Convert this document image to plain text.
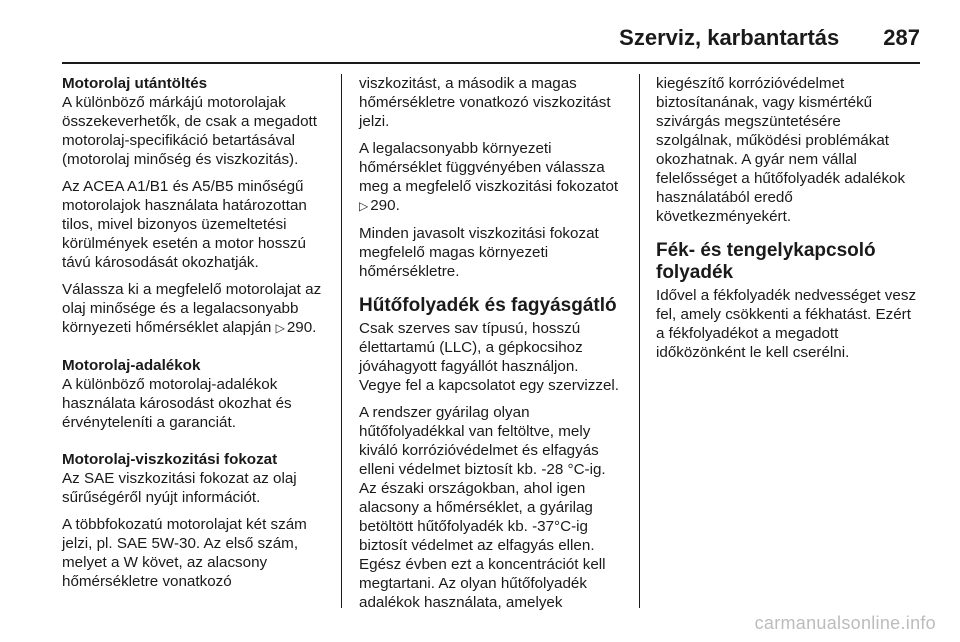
Szerviz, karbantartás 287
Motorolaj utántöltés

A különböző márkájú motorolajak összekeverhetők, de csak a megadott motorolaj-specifikáció betartásával (motorolaj minőség és viszkozitás).

Az ACEA A1/B1 és A5/B5 minőségű motorolajok használata határozottan tilos, mivel bizonyos üzemeltetési körülmények esetén a motor hosszú távú károsodását okozhatják.

Válassza ki a megfelelő motorolajat az olaj minősége és a legalacsonyabb környezeti hőmérséklet alapján ▷ 290.

Motorolaj-adalékok

A különböző motorolaj-adalékok használata károsodást okozhat és érvényteleníti a garanciát.

Motorolaj-viszkozitási fokozat

Az SAE viszkozitási fokozat az olaj sűrűségéről nyújt információt.

A többfokozatú motorolajat két szám jelzi, pl. SAE 5W-30. Az első szám, melyet a W követ, az alacsony hőmérsékletre vonatkozó

viszkozitást, a második a magas hőmérsékletre vonatkozó viszkozitást jelzi.

A legalacsonyabb környezeti hőmérséklet függvényében válassza meg a megfelelő viszkozitási fokozatot ▷ 290.

Minden javasolt viszkozitási fokozat megfelelő magas környezeti hőmérsékletre.

Hűtőfolyadék és fagyásgátló

Csak szerves sav típusú, hosszú élettartamú (LLC), a gépkocsihoz jóváhagyott fagyállót használjon. Vegye fel a kapcsolatot egy szervizzel.

A rendszer gyárilag olyan hűtőfolyadékkal van feltöltve, mely kiváló korrózióvédelmet és elfagyás elleni védelmet biztosít kb. -28 °C-ig. Az északi országokban, ahol igen alacsony a hőmérséklet, a gyárilag betöltött hűtőfolyadék kb. -37°C-ig biztosít védelmet az elfagyás ellen. Egész évben ezt a koncentrációt kell megtartani. Az olyan hűtőfolyadék adalékok használata, amelyek

kiegészítő korrózióvédelmet biztosítanának, vagy kismértékű szivárgás megszüntetésére szolgálnak, működési problémákat okozhatnak. A gyár nem vállal felelősséget a hűtőfolyadék adalékok használatából eredő következményekért.

Fék- és tengelykapcsoló folyadék

Idővel a fékfolyadék nedvességet vesz fel, amely csökkenti a fékhatást. Ezért a fékfolyadékot a megadott időközönként le kell cserélni.

carmanualsonline.info
